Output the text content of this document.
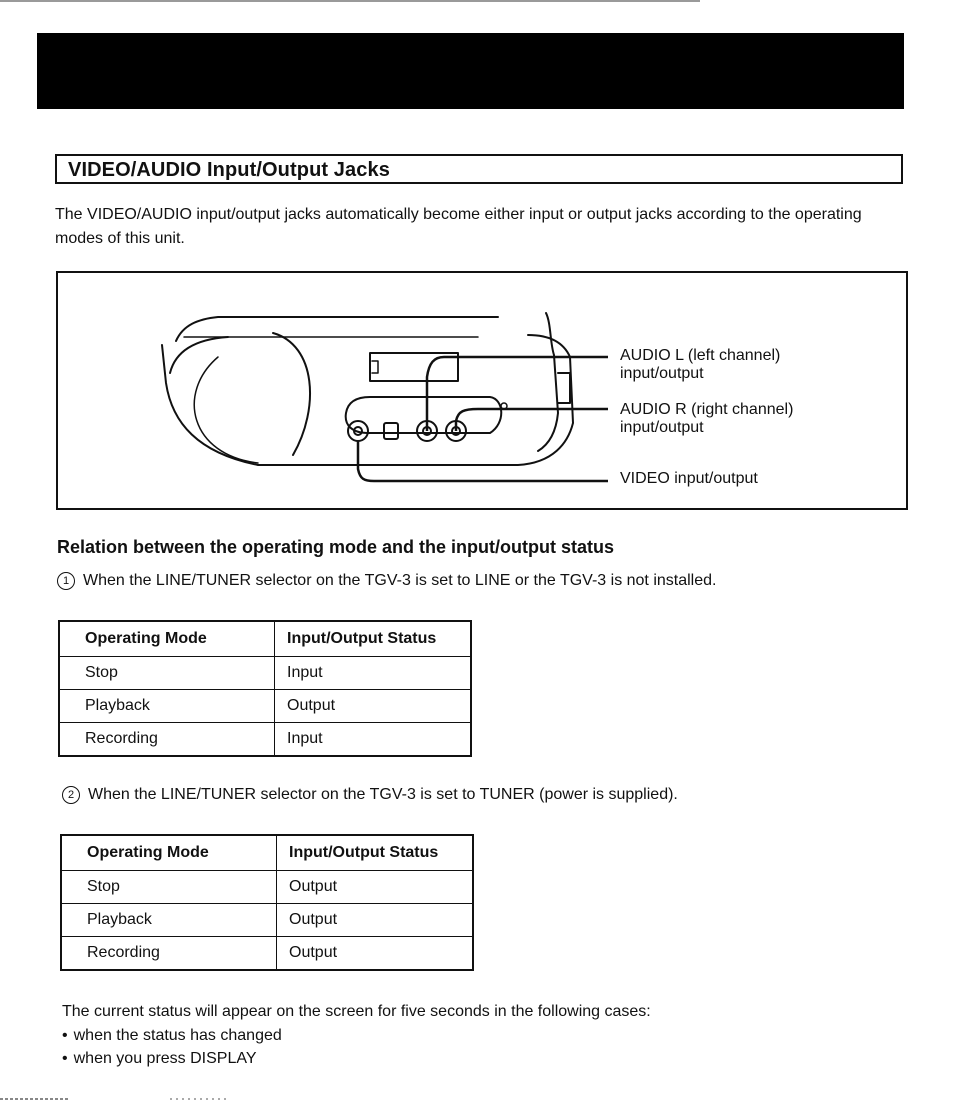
VIDEO/AUDIO Input/Output Jacks
The VIDEO/AUDIO input/output jacks automatically become either input or output jacks according to the operating modes of this unit.
AUDIO L (left channel)
input/output
AUDIO R (right channel)
input/output
VIDEO input/output
Relation between the operating mode and the input/output status
1 When the LINE/TUNER selector on the TGV-3 is set to LINE or the TGV-3 is not installed.
Operating Mode	Input/Output Status
Stop	Input
Playback	Output
Recording	Input
2 When the LINE/TUNER selector on the TGV-3 is set to TUNER (power is supplied).
Operating Mode	Input/Output Status
Stop	Output
Playback	Output
Recording	Output
The current status will appear on the screen for five seconds in the following cases:
• when the status has changed
• when you press DISPLAY
